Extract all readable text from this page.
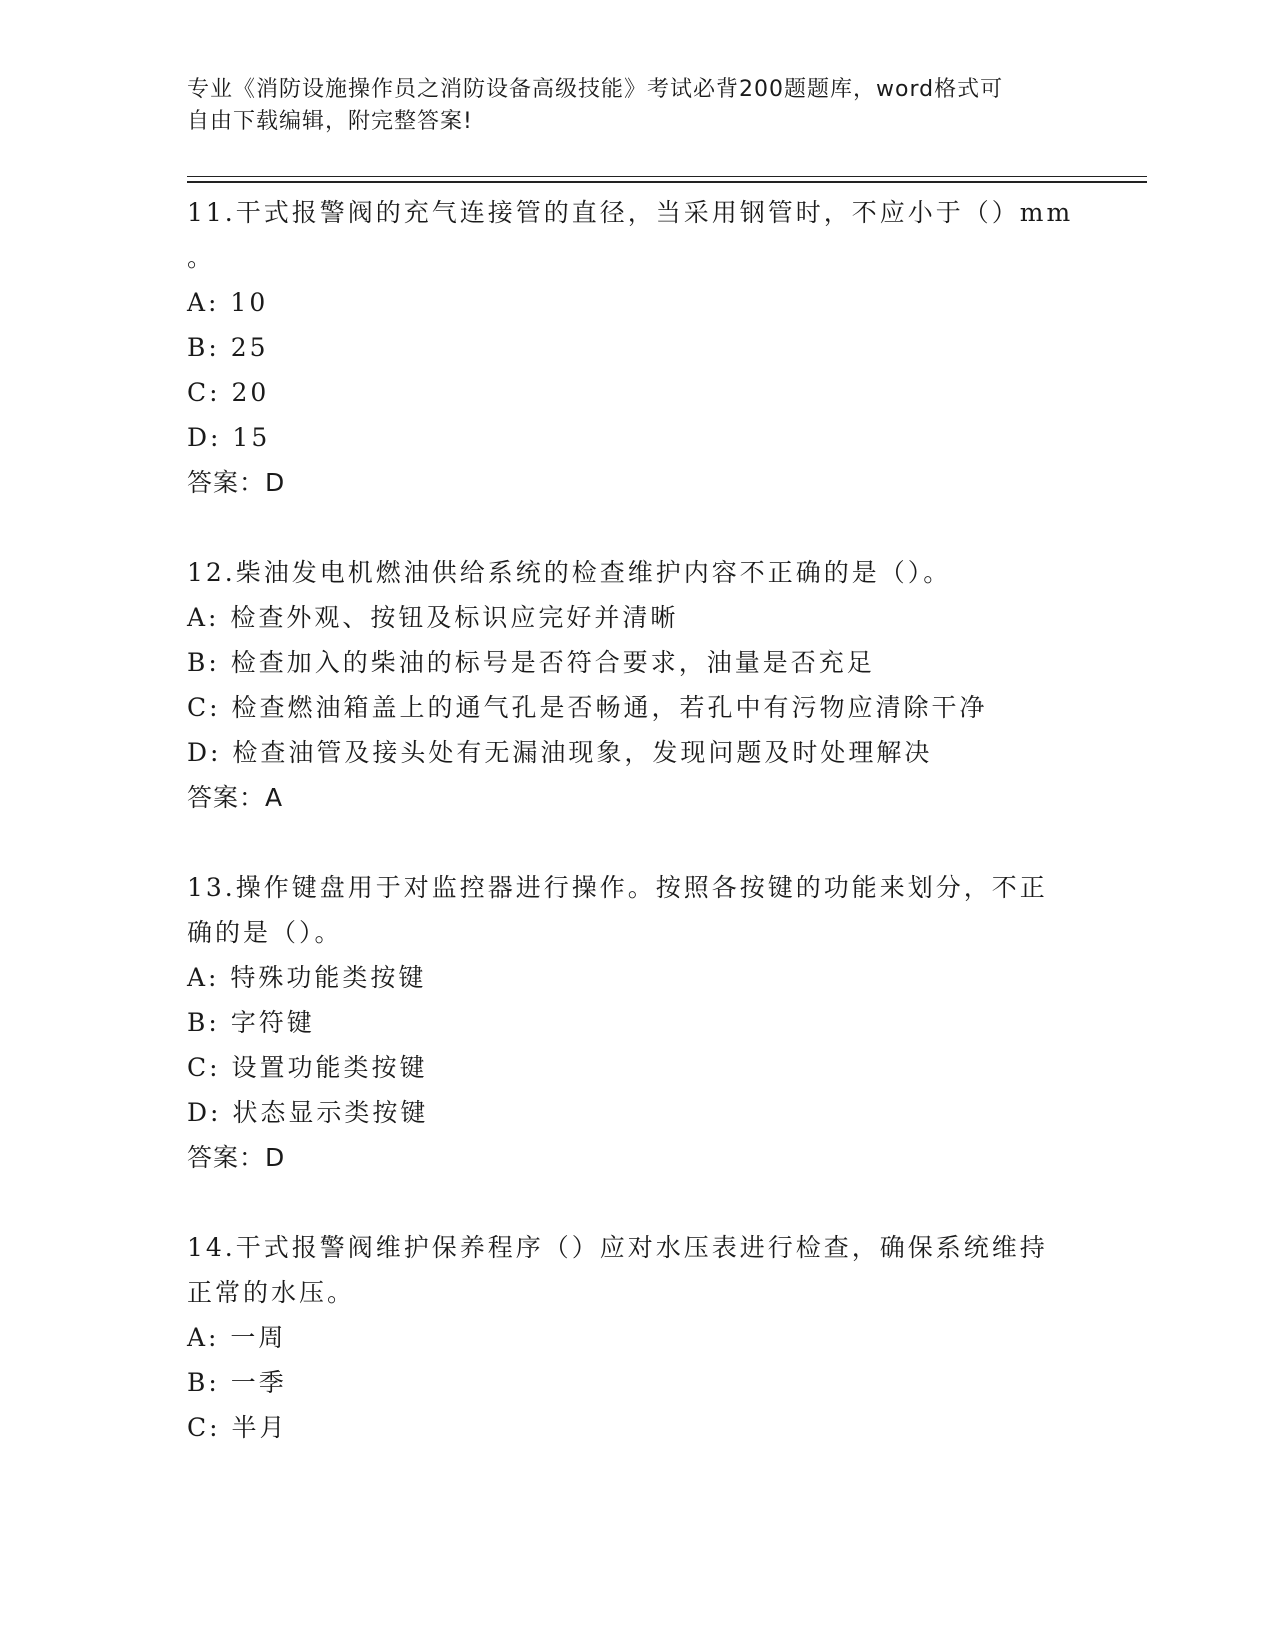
专业《消防设施操作员之消防设备高级技能》考试必背200题题库，word格式可
自由下载编辑，附完整答案!
11.干式报警阀的充气连接管的直径，当采用钢管时，不应小于（）mm
。
A: 10
B: 25
C: 20
D: 15
答案：D
12.柴油发电机燃油供给系统的检查维护内容不正确的是（）。
A: 检查外观、按钮及标识应完好并清晰
B: 检查加入的柴油的标号是否符合要求，油量是否充足
C: 检查燃油箱盖上的通气孔是否畅通，若孔中有污物应清除干净
D: 检查油管及接头处有无漏油现象，发现问题及时处理解决
答案：A
13.操作键盘用于对监控器进行操作。按照各按键的功能来划分，不正
确的是（）。
A: 特殊功能类按键
B: 字符键
C: 设置功能类按键
D: 状态显示类按键
答案：D
14.干式报警阀维护保养程序（）应对水压表进行检查，确保系统维持
正常的水压。
A: 一周
B: 一季
C: 半月
